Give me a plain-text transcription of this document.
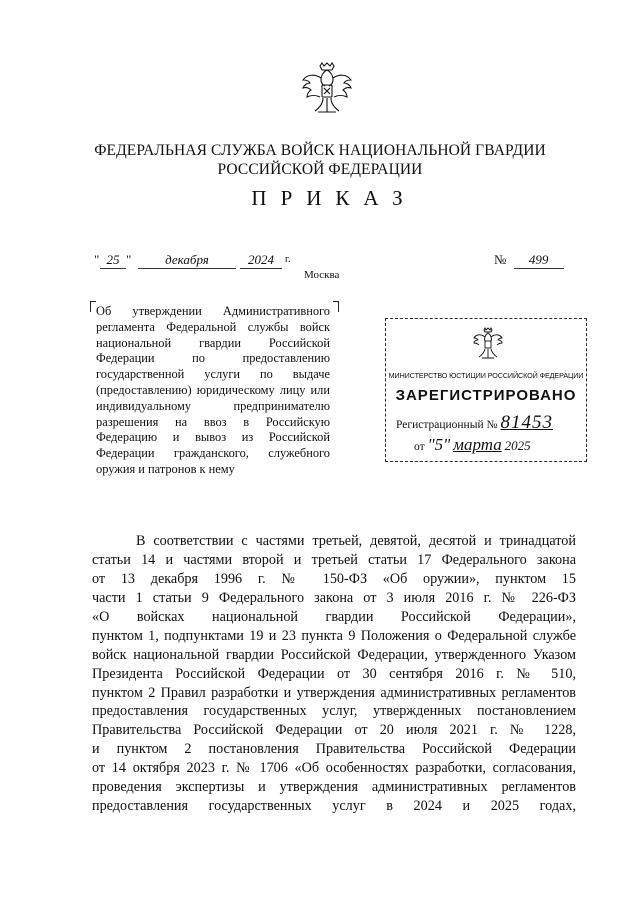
ФЕДЕРАЛЬНАЯ СЛУЖБА ВОЙСК НАЦИОНАЛЬНОЙ ГВАРДИИ
РОССИЙСКОЙ ФЕДЕРАЦИИ
ПРИКАЗ
" 25 "	декабря	2024	г.	№ 499
Москва
Об утверждении Административного
регламента Федеральной службы войск
национальной гвардии Российской
Федерации по предоставлению
государственной услуги по выдаче
(предоставлению) юридическому лицу или
индивидуальному предпринимателю
разрешения на ввоз в Российскую
Федерацию и вывоз из Российской
Федерации гражданского, служебного
оружия и патронов к нему
МИНИСТЕРСТВО ЮСТИЦИИ РОССИЙСКОЙ ФЕДЕРАЦИИ
ЗАРЕГИСТРИРОВАНО
Регистрационный № 81453
от "5" марта 2025
В соответствии с частями третьей, девятой, десятой и тринадцатой
статьи 14 и частями второй и третьей статьи 17 Федерального закона
от 13 декабря 1996 г. № 150-ФЗ «Об оружии», пунктом 15
части 1 статьи 9 Федерального закона от 3 июля 2016 г. № 226-ФЗ
«О войсках национальной гвардии Российской Федерации»,
пунктом 1, подпунктами 19 и 23 пункта 9 Положения о Федеральной службе
войск национальной гвардии Российской Федерации, утвержденного Указом
Президента Российской Федерации от 30 сентября 2016 г. № 510,
пунктом 2 Правил разработки и утверждения административных регламентов
предоставления государственных услуг, утвержденных постановлением
Правительства Российской Федерации от 20 июля 2021 г. № 1228,
и пунктом 2 постановления Правительства Российской Федерации
от 14 октября 2023 г. № 1706 «Об особенностях разработки, согласования,
проведения экспертизы и утверждения административных регламентов
предоставления государственных услуг в 2024 и 2025 годах,
